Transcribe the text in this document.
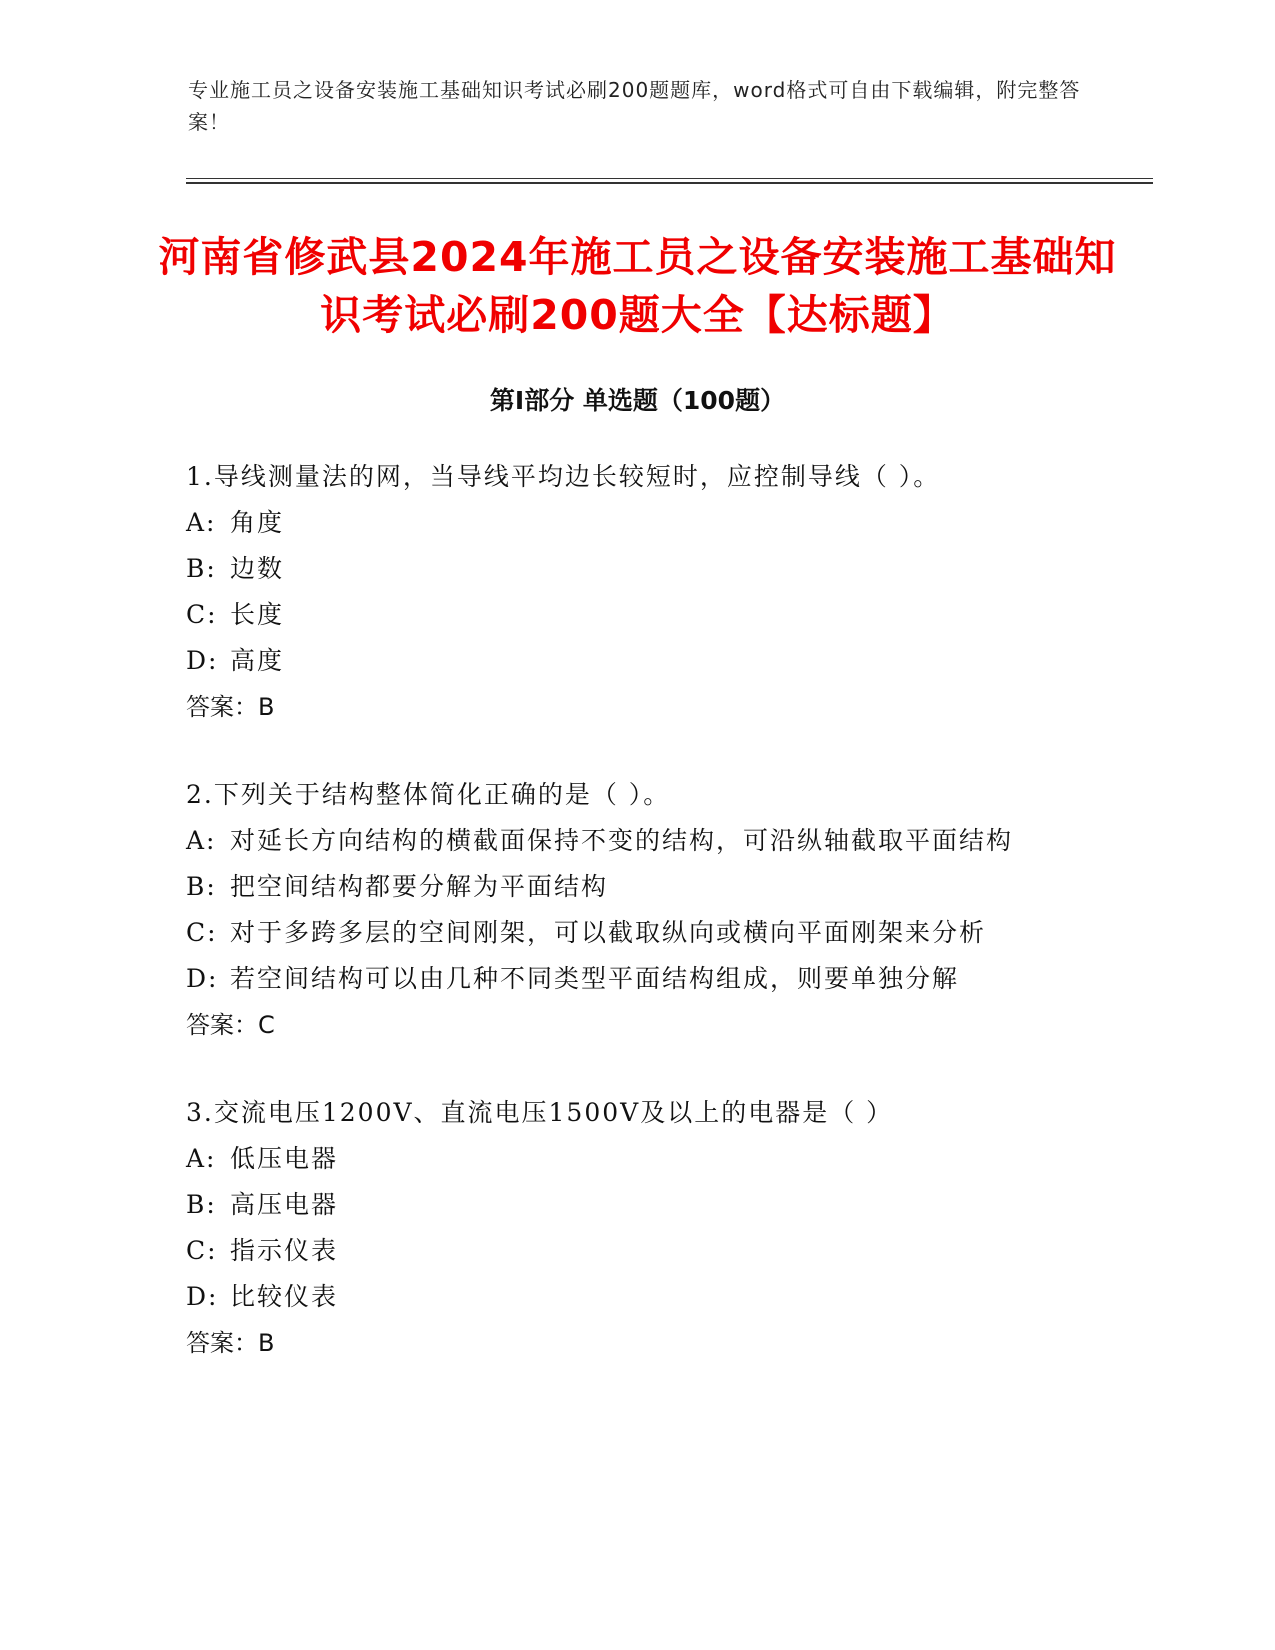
专业施工员之设备安装施工基础知识考试必刷200题题库，word格式可自由下载编辑，附完整答案！
河南省修武县2024年施工员之设备安装施工基础知识考试必刷200题大全【达标题】
第I部分 单选题（100题）
1.导线测量法的网，当导线平均边长较短时，应控制导线（ ）。
A: 角度
B: 边数
C: 长度
D: 高度
答案：B
2.下列关于结构整体简化正确的是（ ）。
A: 对延长方向结构的横截面保持不变的结构，可沿纵轴截取平面结构
B: 把空间结构都要分解为平面结构
C: 对于多跨多层的空间刚架，可以截取纵向或横向平面刚架来分析
D: 若空间结构可以由几种不同类型平面结构组成，则要单独分解
答案：C
3.交流电压1200V、直流电压1500V及以上的电器是（ ）
A: 低压电器
B: 高压电器
C: 指示仪表
D: 比较仪表
答案：B
